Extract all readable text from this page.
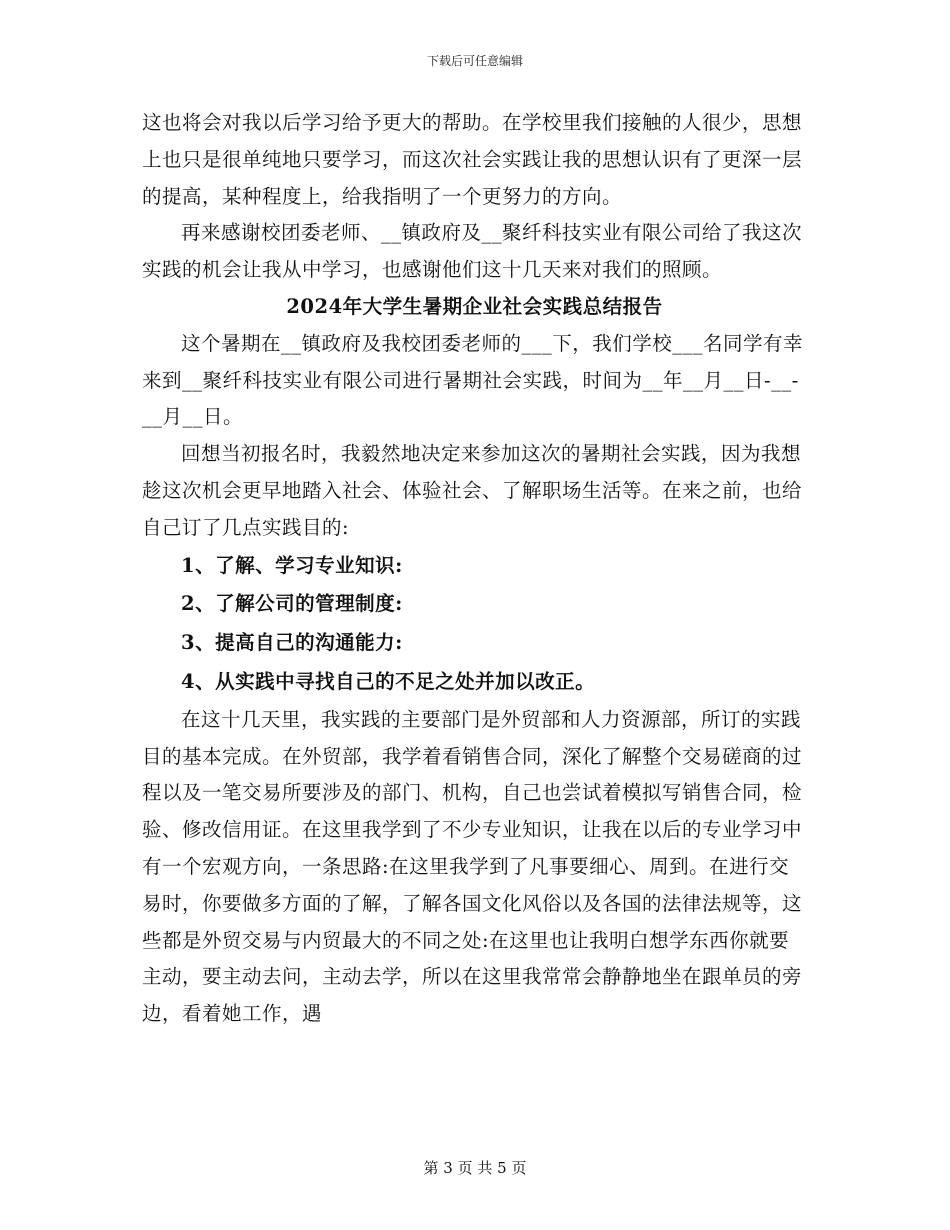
下载后可任意编辑

这也将会对我以后学习给予更大的帮助。在学校里我们接触的人很少，思想上也只是很单纯地只要学习，而这次社会实践让我的思想认识有了更深一层的提高，某种程度上，给我指明了一个更努力的方向。

再来感谢校团委老师、__镇政府及__聚纤科技实业有限公司给了我这次实践的机会让我从中学习，也感谢他们这十几天来对我们的照顾。

2024年大学生暑期企业社会实践总结报告

这个暑期在__镇政府及我校团委老师的___下，我们学校___名同学有幸来到__聚纤科技实业有限公司进行暑期社会实践，时间为__年__月__日-__-__月__日。

回想当初报名时，我毅然地决定来参加这次的暑期社会实践，因为我想趁这次机会更早地踏入社会、体验社会、了解职场生活等。在来之前，也给自己订了几点实践目的:

1、了解、学习专业知识:

2、了解公司的管理制度:

3、提高自己的沟通能力:

4、从实践中寻找自己的不足之处并加以改正。

在这十几天里，我实践的主要部门是外贸部和人力资源部，所订的实践目的基本完成。在外贸部，我学着看销售合同，深化了解整个交易磋商的过程以及一笔交易所要涉及的部门、机构，自己也尝试着模拟写销售合同，检验、修改信用证。在这里我学到了不少专业知识，让我在以后的专业学习中有一个宏观方向，一条思路:在这里我学到了凡事要细心、周到。在进行交易时，你要做多方面的了解，了解各国文化风俗以及各国的法律法规等，这些都是外贸交易与内贸最大的不同之处:在这里也让我明白想学东西你就要主动，要主动去问，主动去学，所以在这里我常常会静静地坐在跟单员的旁边，看着她工作，遇

第 3 页 共 5 页
